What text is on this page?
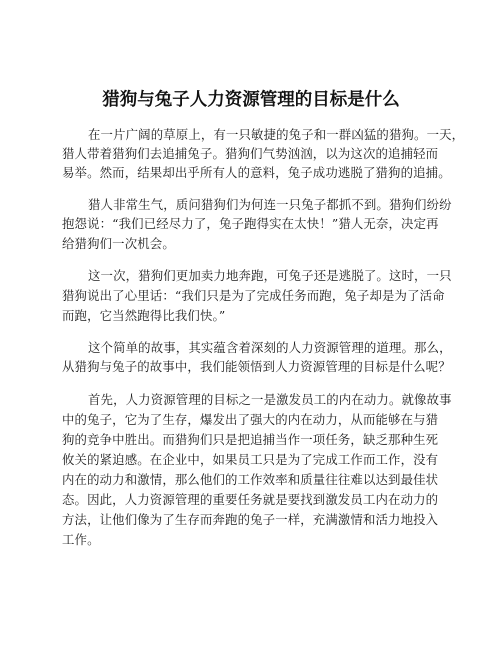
猎狗与兔子人力资源管理的目标是什么
在一片广阔的草原上，有一只敏捷的兔子和一群凶猛的猎狗。一天，
猎人带着猎狗们去追捕兔子。猎狗们气势汹汹，以为这次的追捕轻而
易举。然而，结果却出乎所有人的意料，兔子成功逃脱了猎狗的追捕。
猎人非常生气，质问猎狗们为何连一只兔子都抓不到。猎狗们纷纷
抱怨说：“我们已经尽力了，兔子跑得实在太快！”猎人无奈，决定再
给猎狗们一次机会。
这一次，猎狗们更加卖力地奔跑，可兔子还是逃脱了。这时，一只
猎狗说出了心里话：“我们只是为了完成任务而跑，兔子却是为了活命
而跑，它当然跑得比我们快。”
这个简单的故事，其实蕴含着深刻的人力资源管理的道理。那么，
从猎狗与兔子的故事中，我们能领悟到人力资源管理的目标是什么呢？
首先，人力资源管理的目标之一是激发员工的内在动力。就像故事
中的兔子，它为了生存，爆发出了强大的内在动力，从而能够在与猎
狗的竞争中胜出。而猎狗们只是把追捕当作一项任务，缺乏那种生死
攸关的紧迫感。在企业中，如果员工只是为了完成工作而工作，没有
内在的动力和激情，那么他们的工作效率和质量往往难以达到最佳状
态。因此，人力资源管理的重要任务就是要找到激发员工内在动力的
方法，让他们像为了生存而奔跑的兔子一样，充满激情和活力地投入
工作。
